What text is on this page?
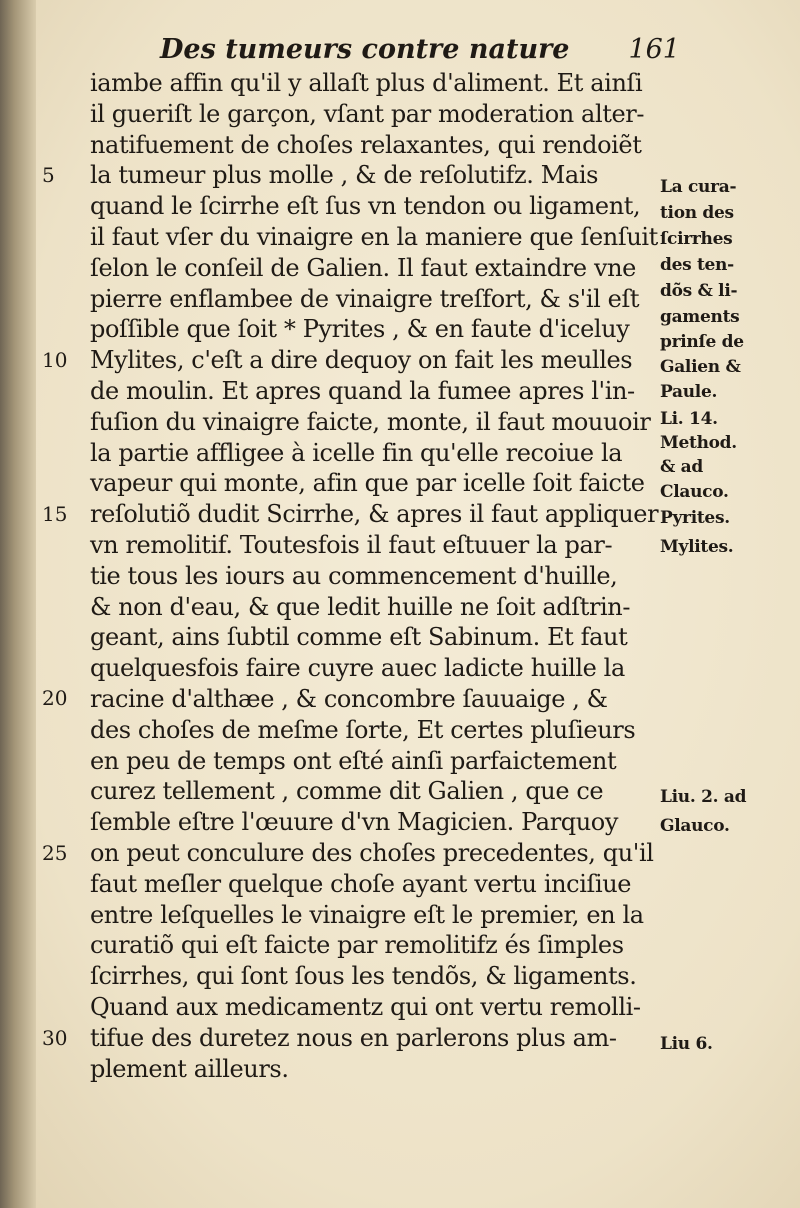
Des tumeurs contre nature 161
5
10
15
20
25
30
iambe affin qu'il y allaſt plus d'aliment. Et ainſi
il gueriſt le garçon, vſant par moderation alter-
natifuement de choſes relaxantes, qui rendoiẽt
la tumeur plus molle , & de reſolutifz. Mais
quand le ſcirrhe eſt ſus vn tendon ou ligament,
il faut vſer du vinaigre en la maniere que ſenſuit
ſelon le conſeil de Galien. Il faut extaindre vne
pierre enflambee de vinaigre treſfort, & s'il eſt
poſſible que ſoit * Pyrites , & en faute d'iceluy
Mylites, c'eſt a dire dequoy on fait les meulles
de moulin. Et apres quand la fumee apres l'in-
fuſion du vinaigre faicte, monte, il faut mouuoir
la partie affligee à icelle fin qu'elle recoiue la
vapeur qui monte, afin que par icelle ſoit faicte
reſolutiõ dudit Scirrhe, & apres il faut appliquer
vn remolitif. Toutesfois il faut eſtuuer la par-
tie tous les iours au commencement d'huille,
& non d'eau, & que ledit huille ne ſoit adſtrin-
geant, ains ſubtil comme eſt Sabinum. Et faut
quelquesfois faire cuyre auec ladicte huille la
racine d'althæe , & concombre ſauuaige , &
des choſes de meſme ſorte, Et certes pluſieurs
en peu de temps ont eſté ainſi parfaictement
curez tellement , comme dit Galien , que ce
ſemble eſtre l'œuure d'vn Magicien. Parquoy
on peut conculure des choſes precedentes, qu'il
faut meſler quelque choſe ayant vertu inciſiue
entre leſquelles le vinaigre eſt le premier, en la
curatiõ qui eſt faicte par remolitifz és ſimples
ſcirrhes, qui ſont ſous les tendõs, & ligaments.
Quand aux medicamentz qui ont vertu remolli-
tifue des duretez nous en parlerons plus am-
plement ailleurs.
La cura-
tion des
ſcirrhes
des ten-
dõs & li-
gaments
prinſe de
Galien &
Paule.
Li. 14.
Method.
& ad
Clauco.
Pyrites.
Mylites.
Liu. 2. ad
Glauco.
Liu 6.
